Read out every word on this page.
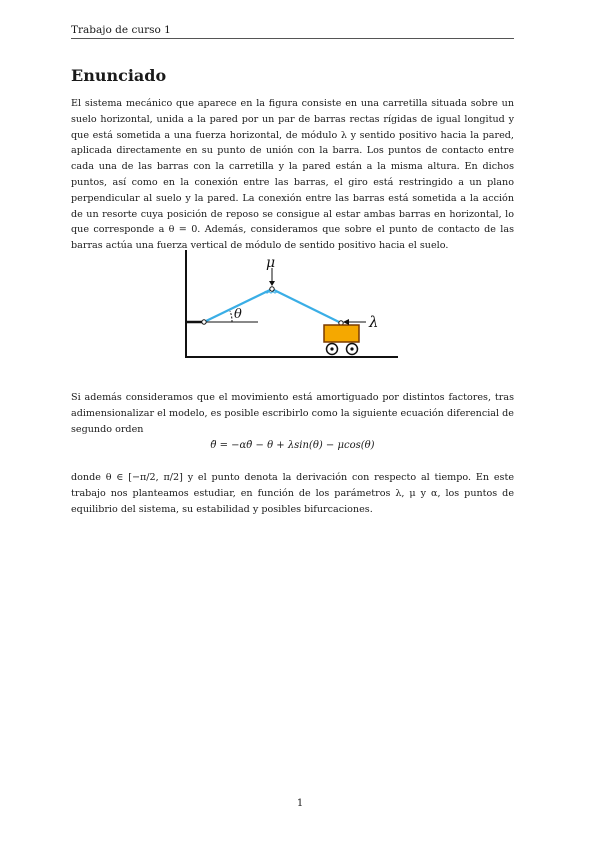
Trabajo de curso 1
Enunciado

El sistema mecánico que aparece en la figura consiste en una carretilla situada sobre un suelo horizontal, unida a la pared por un par de barras rectas rígidas de igual longitud y que está sometida a una fuerza horizontal, de módulo λ y sentido positivo hacia la pared, aplicada directamente en su punto de unión con la barra. Los puntos de contacto entre cada una de las barras con la carretilla y la pared están a la misma altura. En dichos puntos, así como en la conexión entre las barras, el giro está restringido a un plano perpendicular al suelo y la pared. La conexión entre las barras está sometida a la acción de un resorte cuya posición de reposo se consigue al estar ambas barras en horizontal, lo que corresponde a θ = 0. Además, consideramos que sobre el punto de contacto de las barras actúa una fuerza vertical de módulo de sentido positivo hacia el suelo.

μ
θ	λ

Si además consideramos que el movimiento está amortiguado por distintos factores, tras adimensionalizar el modelo, es posible escribirlo como la siguiente ecuación diferencial de segundo orden

θ̈ = −αθ̇ − θ + λsin(θ) − μcos(θ)

donde θ ∈ [−π/2, π/2] y el punto denota la derivación con respecto al tiempo. En este trabajo nos planteamos estudiar, en función de los parámetros λ, μ y α, los puntos de equilibrio del sistema, su estabilidad y posibles bifurcaciones.

1
